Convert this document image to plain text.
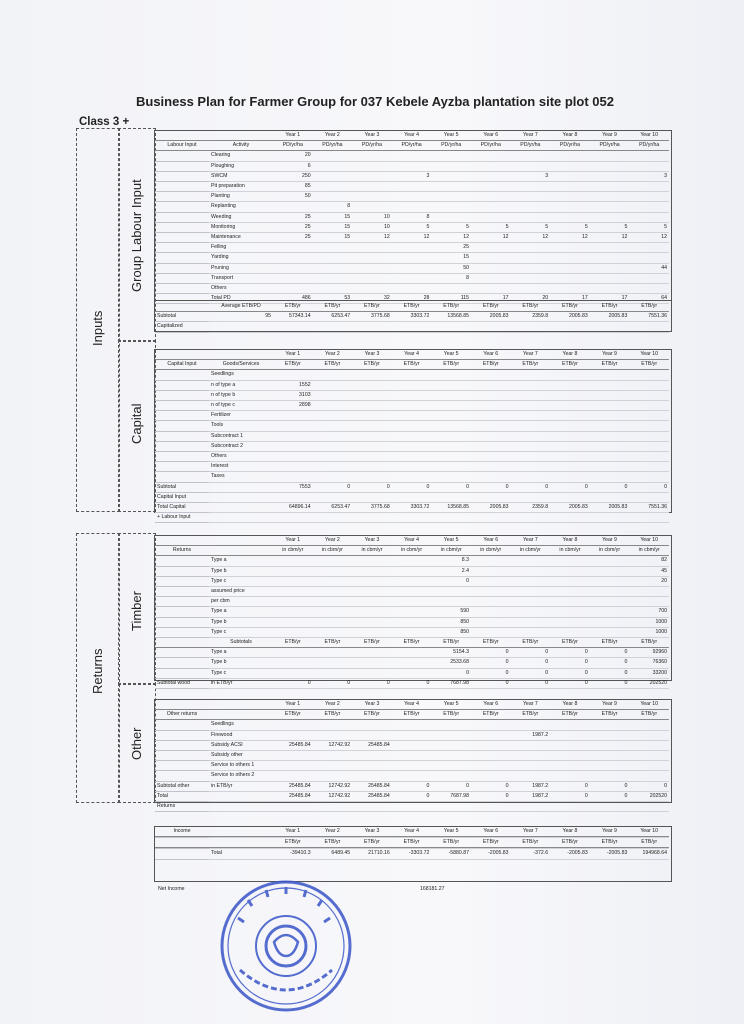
Business Plan for Farmer Group for 037 Kebele Ayzba plantation site plot 052
Class 3 +
Inputs
Group Labour Input
Capital
Returns
Timber
Other
		Year 1	Year 2	Year 3	Year 4	Year 5	Year 6	Year 7	Year 8	Year 9	Year 10
Labour Input	Activity	PD/yr/ha	PD/yr/ha	PD/yr/ha	PD/yr/ha	PD/yr/ha	PD/yr/ha	PD/yr/ha	PD/yr/ha	PD/yr/ha	PD/yr/ha
	Clearing	20									
	Ploughing	6									
	SWCM	250			3			3			3
	Pit preparation	85									
	Planting	50									
	Replanting		8								
	Weeding	25	15	10	8						
	Monitoring	25	15	10	5	5	5	5	5	5	5
	Maintenance	25	15	12	12	12	12	12	12	12	12
	Felling					25					
	Yarding					15					
	Pruning					50					44
	Transport					8					
	Others										
	Total PD	486	53	32	28	115	17	20	17	17	64
	Average ETB/PD	ETB/yr	ETB/yr	ETB/yr	ETB/yr	ETB/yr	ETB/yr	ETB/yr	ETB/yr	ETB/yr	ETB/yr
Subtotal	95	57343.14	6253.47	3775.68	3303.72	13568.85	2005.83	2359.8	2005.83	2005.83	7551.36
Capitalized											
		Year 1	Year 2	Year 3	Year 4	Year 5	Year 6	Year 7	Year 8	Year 9	Year 10
Capital Input	Goods/Services	ETB/yr	ETB/yr	ETB/yr	ETB/yr	ETB/yr	ETB/yr	ETB/yr	ETB/yr	ETB/yr	ETB/yr
	Seedlings										
	n of type a	1552									
	n of type b	3103									
	n of type c	2898									
	Fertilizer										
	Tools										
	Subcontract 1										
	Subcontract 2										
	Others										
	Interest										
	Taxes										
Subtotal		7553	0	0	0	0	0	0	0	0	0
Capital Input											
Total Capital		64896.14	6253.47	3775.68	3303.72	13568.85	2005.83	2359.8	2005.83	2005.83	7551.36
+ Labour Input											
		Year 1	Year 2	Year 3	Year 4	Year 5	Year 6	Year 7	Year 8	Year 9	Year 10
Returns		in cbm/yr	in cbm/yr	in cbm/yr	in cbm/yr	in cbm/yr	in cbm/yr	in cbm/yr	in cbm/yr	in cbm/yr	in cbm/yr
	Type a					8.3					82
	Type b					2.4					45
	Type c					0					20
	assumed price										
	per cbm										
	Type a					590					700
	Type b					850					1000
	Type c					850					1000
	Subtotals	ETB/yr	ETB/yr	ETB/yr	ETB/yr	ETB/yr	ETB/yr	ETB/yr	ETB/yr	ETB/yr	ETB/yr
	Type a					5154.3	0	0	0	0	92960
	Type b					2533.68	0	0	0	0	76360
	Type c					0	0	0	0	0	33200
Subtotal wood	in ETB/yr	0	0	0	0	7687.98	0	0	0	0	202520
		Year 1	Year 2	Year 3	Year 4	Year 5	Year 6	Year 7	Year 8	Year 9	Year 10
Other returns		ETB/yr	ETB/yr	ETB/yr	ETB/yr	ETB/yr	ETB/yr	ETB/yr	ETB/yr	ETB/yr	ETB/yr
	Seedlings										
	Firewood							1987.2			
	Subsidy ACSI	25485.84	12742.92	25485.84							
	Subsidy other										
	Service to others 1										
	Service to others 2										
Subtotal other	in ETB/yr	25485.84	12742.92	25485.84	0	0	0	1987.2	0	0	0
Total		25485.84	12742.92	25485.84	0	7687.98	0	1987.2	0	0	202520
Returns											
Income		Year 1	Year 2	Year 3	Year 4	Year 5	Year 6	Year 7	Year 8	Year 9	Year 10

		ETB/yr	ETB/yr	ETB/yr	ETB/yr	ETB/yr	ETB/yr	ETB/yr	ETB/yr	ETB/yr	ETB/yr

	Total	-39410.3	6489.45	21710.16	-3303.72	-5880.87	-2005.83	-372.6	-2005.83	-2005.83	194968.64
Net Income	168181.27
